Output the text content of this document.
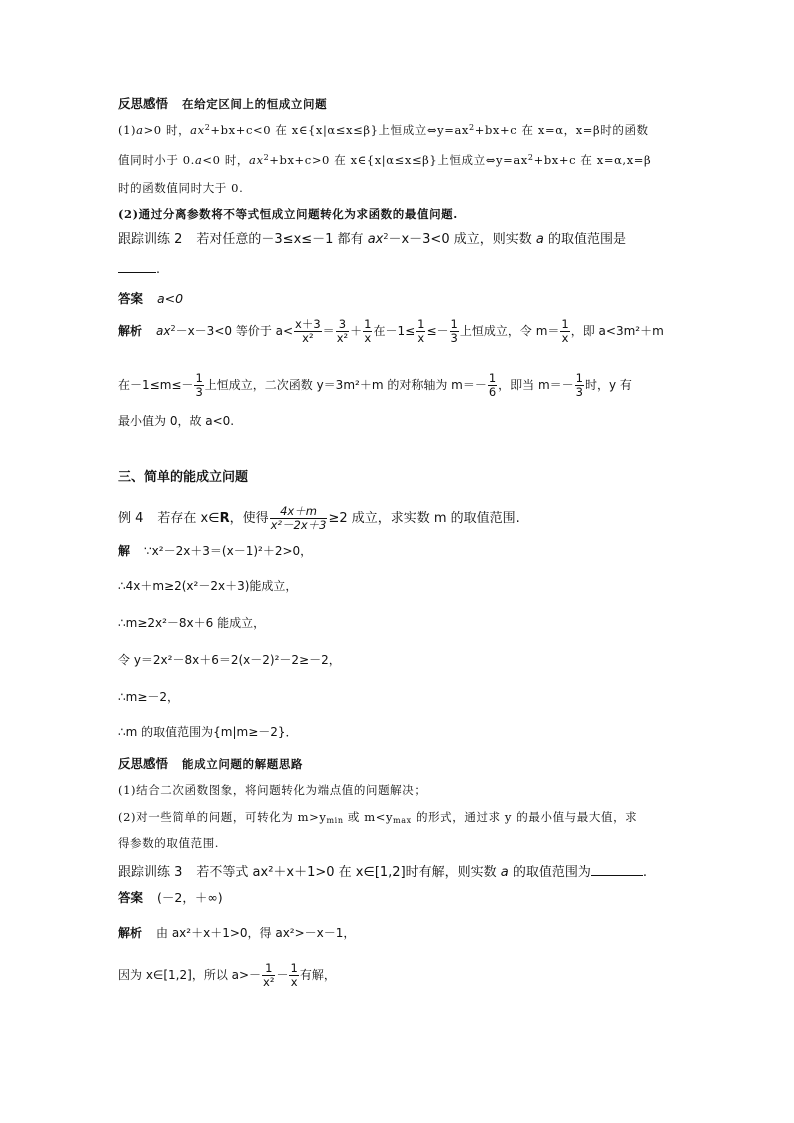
反思感悟 在给定区间上的恒成立问题
(1)a>0 时，$ax^2+bx+c<0$ 在 x∈{x|α≤x≤β}上恒成立$\Leftrightarrow y=ax^2+bx+c$ 在 x=α，x=β时的函数
值同时小于 0.a<0 时，$ax^2+bx+c>0$ 在 x∈{x|α≤x≤β}上恒成立$\Leftrightarrow y=ax^2+bx+c$ 在 x=α,x=β
时的函数值同时大于 0.
(2)通过分离参数将不等式恒成立问题转化为求函数的最值问题.
跟踪训练 2 若对任意的－3≤x≤－1 都有 $ax^2-x-3<0$ 成立，则实数 a 的取值范围是
.
答案 a<0
解析 $ax^2-x-3<0$ 等价于 $a< \frac{x+3}{\text{x²}} = \frac{3}{\text{x²}} + \frac{1}{x}$ 在$-1\le \frac{1}{x} \le- \frac{1}{3}$ 上恒成立，令 $m= \frac{1}{x}$ ，即 a<3m²＋m
在$-1\le m\le- \frac{1}{3}$ 上恒成立，二次函数 y＝3m²＋m 的对称轴为 $m=- \frac{1}{6}$ ，即当 $m=- \frac{1}{3}$ 时，y 有
最小值为 0，故 a<0.
三、简单的能成立问题
例 4 若存在 x∈R，使得 $\frac{4x+m}{\text{x²－2x＋3}} \ge 2$ 成立，求实数 m 的取值范围.
解 ∵x²－2x＋3＝(x－1)²＋2>0，
∴4x＋m≥2(x²－2x＋3)能成立，
∴m≥2x²－8x＋6 能成立，
令 y＝2x²－8x＋6＝2(x－2)²－2≥－2，
∴m≥－2，
∴m 的取值范围为{m|m≥－2}．
反思感悟 能成立问题的解题思路
(1)结合二次函数图象，将问题转化为端点值的问题解决；
(2)对一些简单的问题，可转化为 $m>y_{min}$ 或 $m<y_{max}$ 的形式，通过求 y 的最小值与最大值，求
得参数的取值范围.
跟踪训练 3 若不等式 ax²＋x＋1>0 在 x∈[1,2]时有解，则实数 a 的取值范围为	.
答案 (－2，＋∞)
解析 由 ax²＋x＋1>0，得 ax²>－x－1，
因为 x∈[1,2]，所以 $a>- \frac{1}{\text{x²}} - \frac{1}{x}$ 有解，
